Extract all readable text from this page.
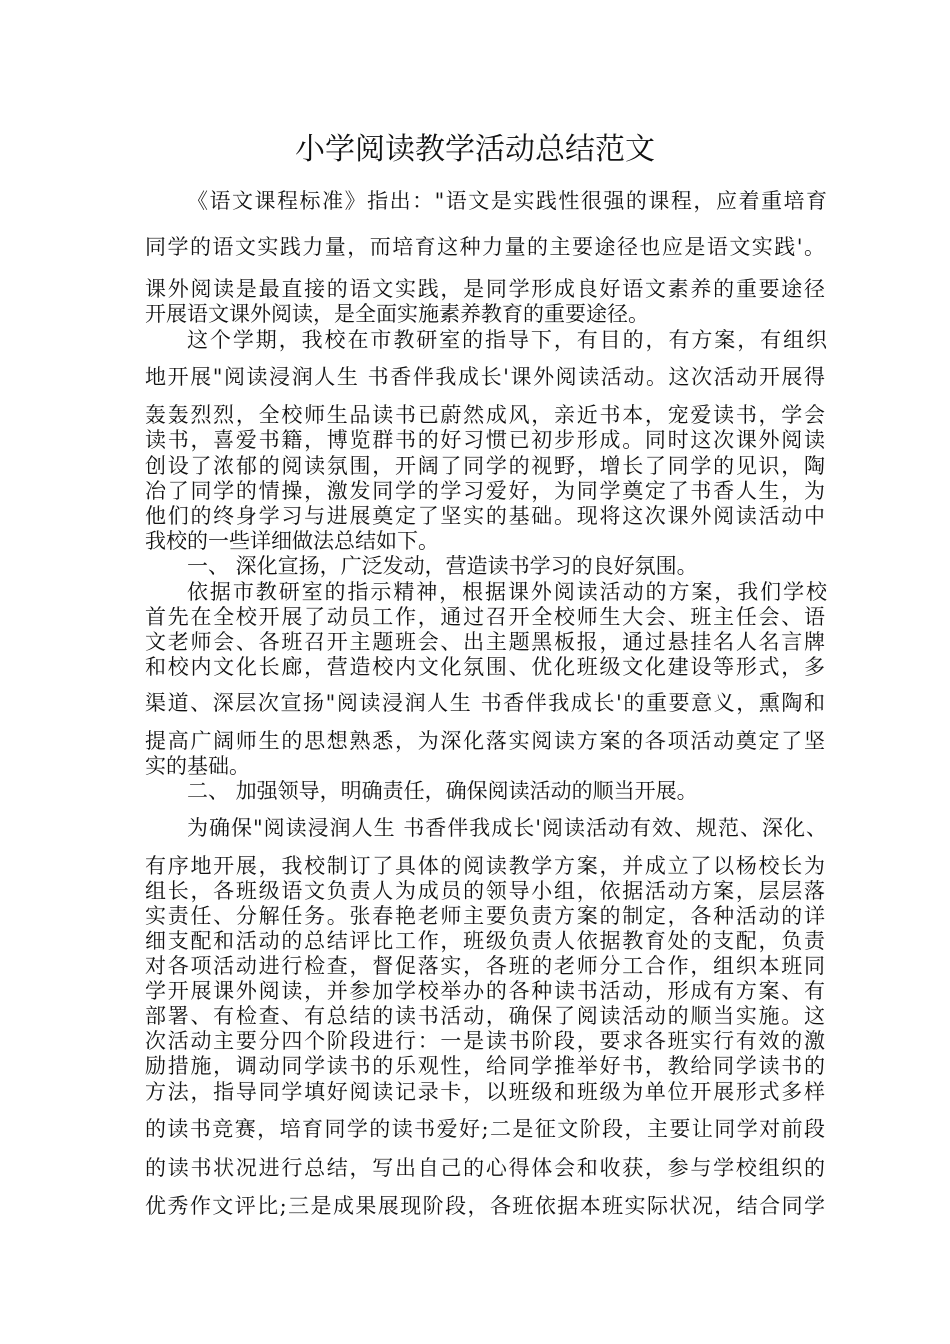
小学阅读教学活动总结范文
《语文课程标准》指出："语文是实践性很强的课程，应着重培育
同学的语文实践力量，而培育这种力量的主要途径也应是语文实践'。
课外阅读是最直接的语文实践，是同学形成良好语文素养的重要途径
开展语文课外阅读，是全面实施素养教育的重要途径。
这个学期，我校在市教研室的指导下，有目的，有方案，有组织
地开展"阅读浸润人生 书香伴我成长'课外阅读活动。这次活动开展得
轰轰烈烈，全校师生品读书已蔚然成风，亲近书本，宠爱读书，学会
读书，喜爱书籍，博览群书的好习惯已初步形成。同时这次课外阅读
创设了浓郁的阅读氛围，开阔了同学的视野，增长了同学的见识，陶
冶了同学的情操，激发同学的学习爱好，为同学奠定了书香人生，为
他们的终身学习与进展奠定了坚实的基础。现将这次课外阅读活动中
我校的一些详细做法总结如下。
一、 深化宣扬，广泛发动，营造读书学习的良好氛围。
依据市教研室的指示精神，根据课外阅读活动的方案，我们学校
首先在全校开展了动员工作，通过召开全校师生大会、班主任会、语
文老师会、各班召开主题班会、出主题黑板报，通过悬挂名人名言牌
和校内文化长廊，营造校内文化氛围、优化班级文化建设等形式，多
渠道、深层次宣扬"阅读浸润人生 书香伴我成长'的重要意义，熏陶和
提高广阔师生的思想熟悉，为深化落实阅读方案的各项活动奠定了坚
实的基础。
二、 加强领导，明确责任，确保阅读活动的顺当开展。
为确保"阅读浸润人生 书香伴我成长'阅读活动有效、规范、深化、
有序地开展，我校制订了具体的阅读教学方案，并成立了以杨校长为
组长，各班级语文负责人为成员的领导小组，依据活动方案，层层落
实责任、分解任务。张春艳老师主要负责方案的制定，各种活动的详
细支配和活动的总结评比工作，班级负责人依据教育处的支配，负责
对各项活动进行检查，督促落实，各班的老师分工合作，组织本班同
学开展课外阅读，并参加学校举办的各种读书活动，形成有方案、有
部署、有检查、有总结的读书活动，确保了阅读活动的顺当实施。这
次活动主要分四个阶段进行：一是读书阶段，要求各班实行有效的激
励措施，调动同学读书的乐观性，给同学推举好书，教给同学读书的
方法，指导同学填好阅读记录卡，以班级和班级为单位开展形式多样
的读书竞赛，培育同学的读书爱好;二是征文阶段，主要让同学对前段
的读书状况进行总结，写出自己的心得体会和收获，参与学校组织的
优秀作文评比;三是成果展现阶段，各班依据本班实际状况，结合同学
